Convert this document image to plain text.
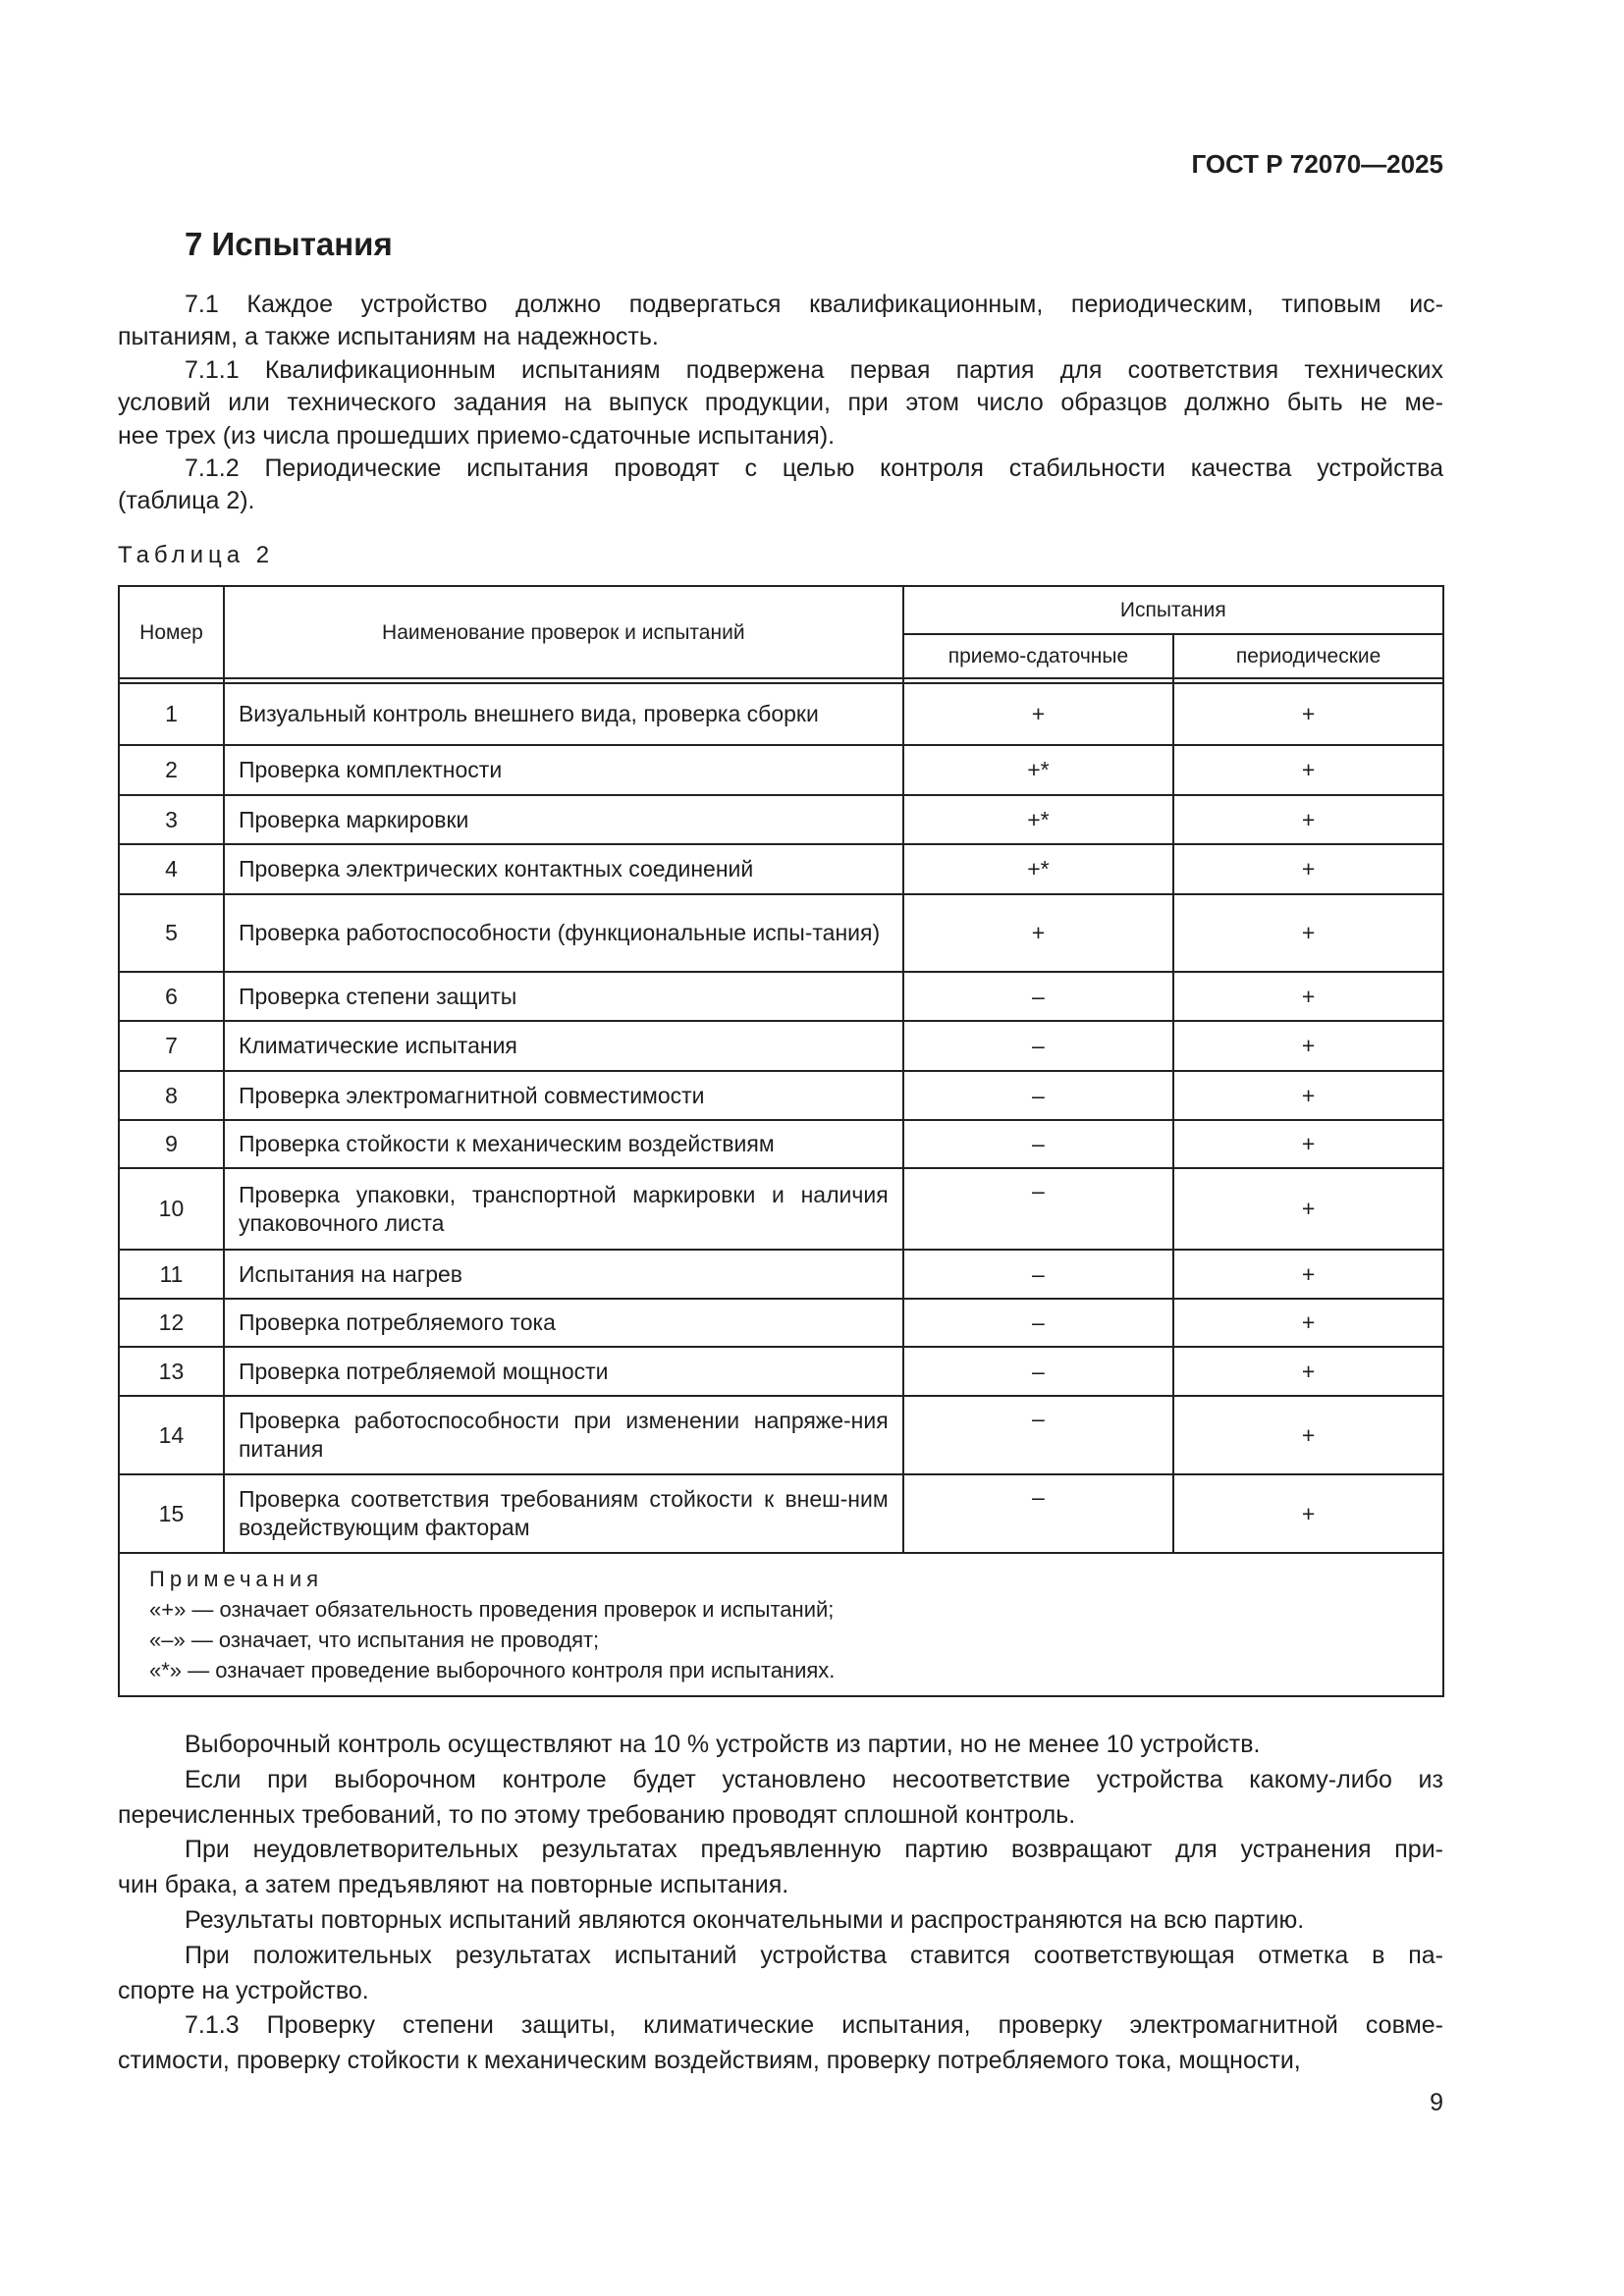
ГОСТ Р 72070—2025
7 Испытания
7.1 Каждое устройство должно подвергаться квалификационным, периодическим, типовым ис-
пытаниям, а также испытаниям на надежность.
7.1.1 Квалификационным испытаниям подвержена первая партия для соответствия технических
условий или технического задания на выпуск продукции, при этом число образцов должно быть не ме-
нее трех (из числа прошедших приемо-сдаточные испытания).
7.1.2 Периодические испытания проводят с целью контроля стабильности качества устройства
(таблица 2).
Таблица 2
Номер	Наименование проверок и испытаний	Испытания	
		приемо-сдаточные	периодические

1	Визуальный контроль внешнего вида, проверка сборки	+	+
2	Проверка комплектности	+*	+
3	Проверка маркировки	+*	+
4	Проверка электрических контактных соединений	+*	+
5	Проверка работоспособности (функциональные испы-тания)	+	+
6	Проверка степени защиты	–	+
7	Климатические испытания	–	+
8	Проверка электромагнитной совместимости	–	+
9	Проверка стойкости к механическим воздействиям	–	+
10	Проверка упаковки, транспортной маркировки и наличия упаковочного листа	–	+
11	Испытания на нагрев	–	+
12	Проверка потребляемого тока	–	+
13	Проверка потребляемой мощности	–	+
14	Проверка работоспособности при изменении напряже-ния питания	–	+
15	Проверка соответствия требованиям стойкости к внеш-ним воздействующим факторам	–	+

Примечания
«+» — означает обязательность проведения проверок и испытаний;
«–» — означает, что испытания не проводят;
«*» — означает проведение выборочного контроля при испытаниях.			
Выборочный контроль осуществляют на 10 % устройств из партии, но не менее 10 устройств.
Если при выборочном контроле будет установлено несоответствие устройства какому-либо из
перечисленных требований, то по этому требованию проводят сплошной контроль.
При неудовлетворительных результатах предъявленную партию возвращают для устранения при-
чин брака, а затем предъявляют на повторные испытания.
Результаты повторных испытаний являются окончательными и распространяются на всю партию.
При положительных результатах испытаний устройства ставится соответствующая отметка в па-
спорте на устройство.
7.1.3 Проверку степени защиты, климатические испытания, проверку электромагнитной совме-
стимости, проверку стойкости к механическим воздействиям, проверку потребляемого тока, мощности,
9
